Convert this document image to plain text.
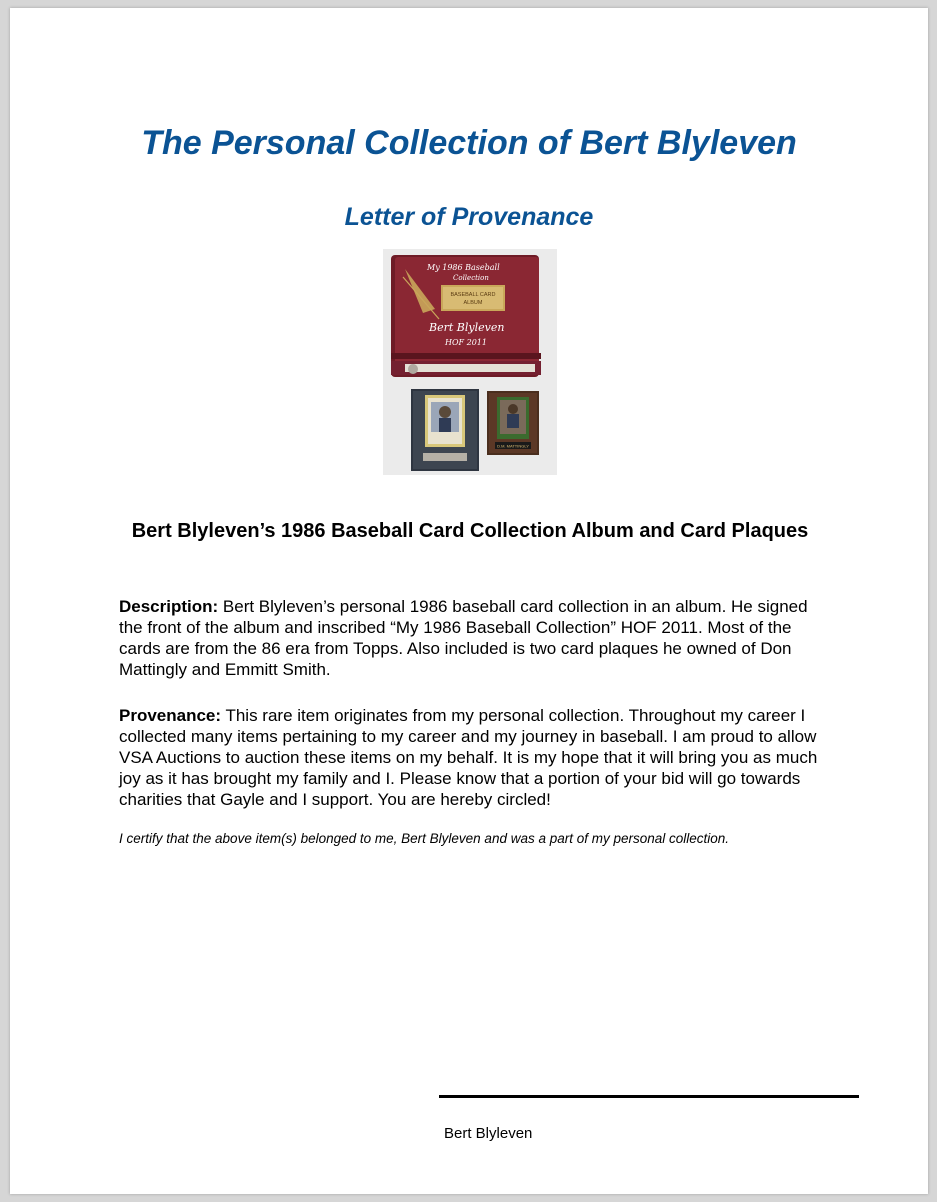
The Personal Collection of Bert Blyleven
Letter of Provenance
My 1986 Baseball
Collection
BASEBALL CARD
ALBUM
Bert Blyleven
HOF 2011
D.M. MATTINGLY
Bert Blyleven’s 1986 Baseball Card Collection Album and Card Plaques
Description: Bert Blyleven’s personal 1986 baseball card collection in an album. He signed the front of the album and inscribed “My 1986 Baseball Collection” HOF 2011. Most of the cards are from the 86 era from Topps. Also included is two card plaques he owned of Don Mattingly and Emmitt Smith.
Provenance: This rare item originates from my personal collection. Throughout my career I collected many items pertaining to my career and my journey in baseball. I am proud to allow VSA Auctions to auction these items on my behalf. It is my hope that it will bring you as much joy as it has brought my family and I. Please know that a portion of your bid will go towards charities that Gayle and I support. You are hereby circled!
I certify that the above item(s) belonged to me, Bert Blyleven and was a part of my personal collection.
Bert Blyleven
